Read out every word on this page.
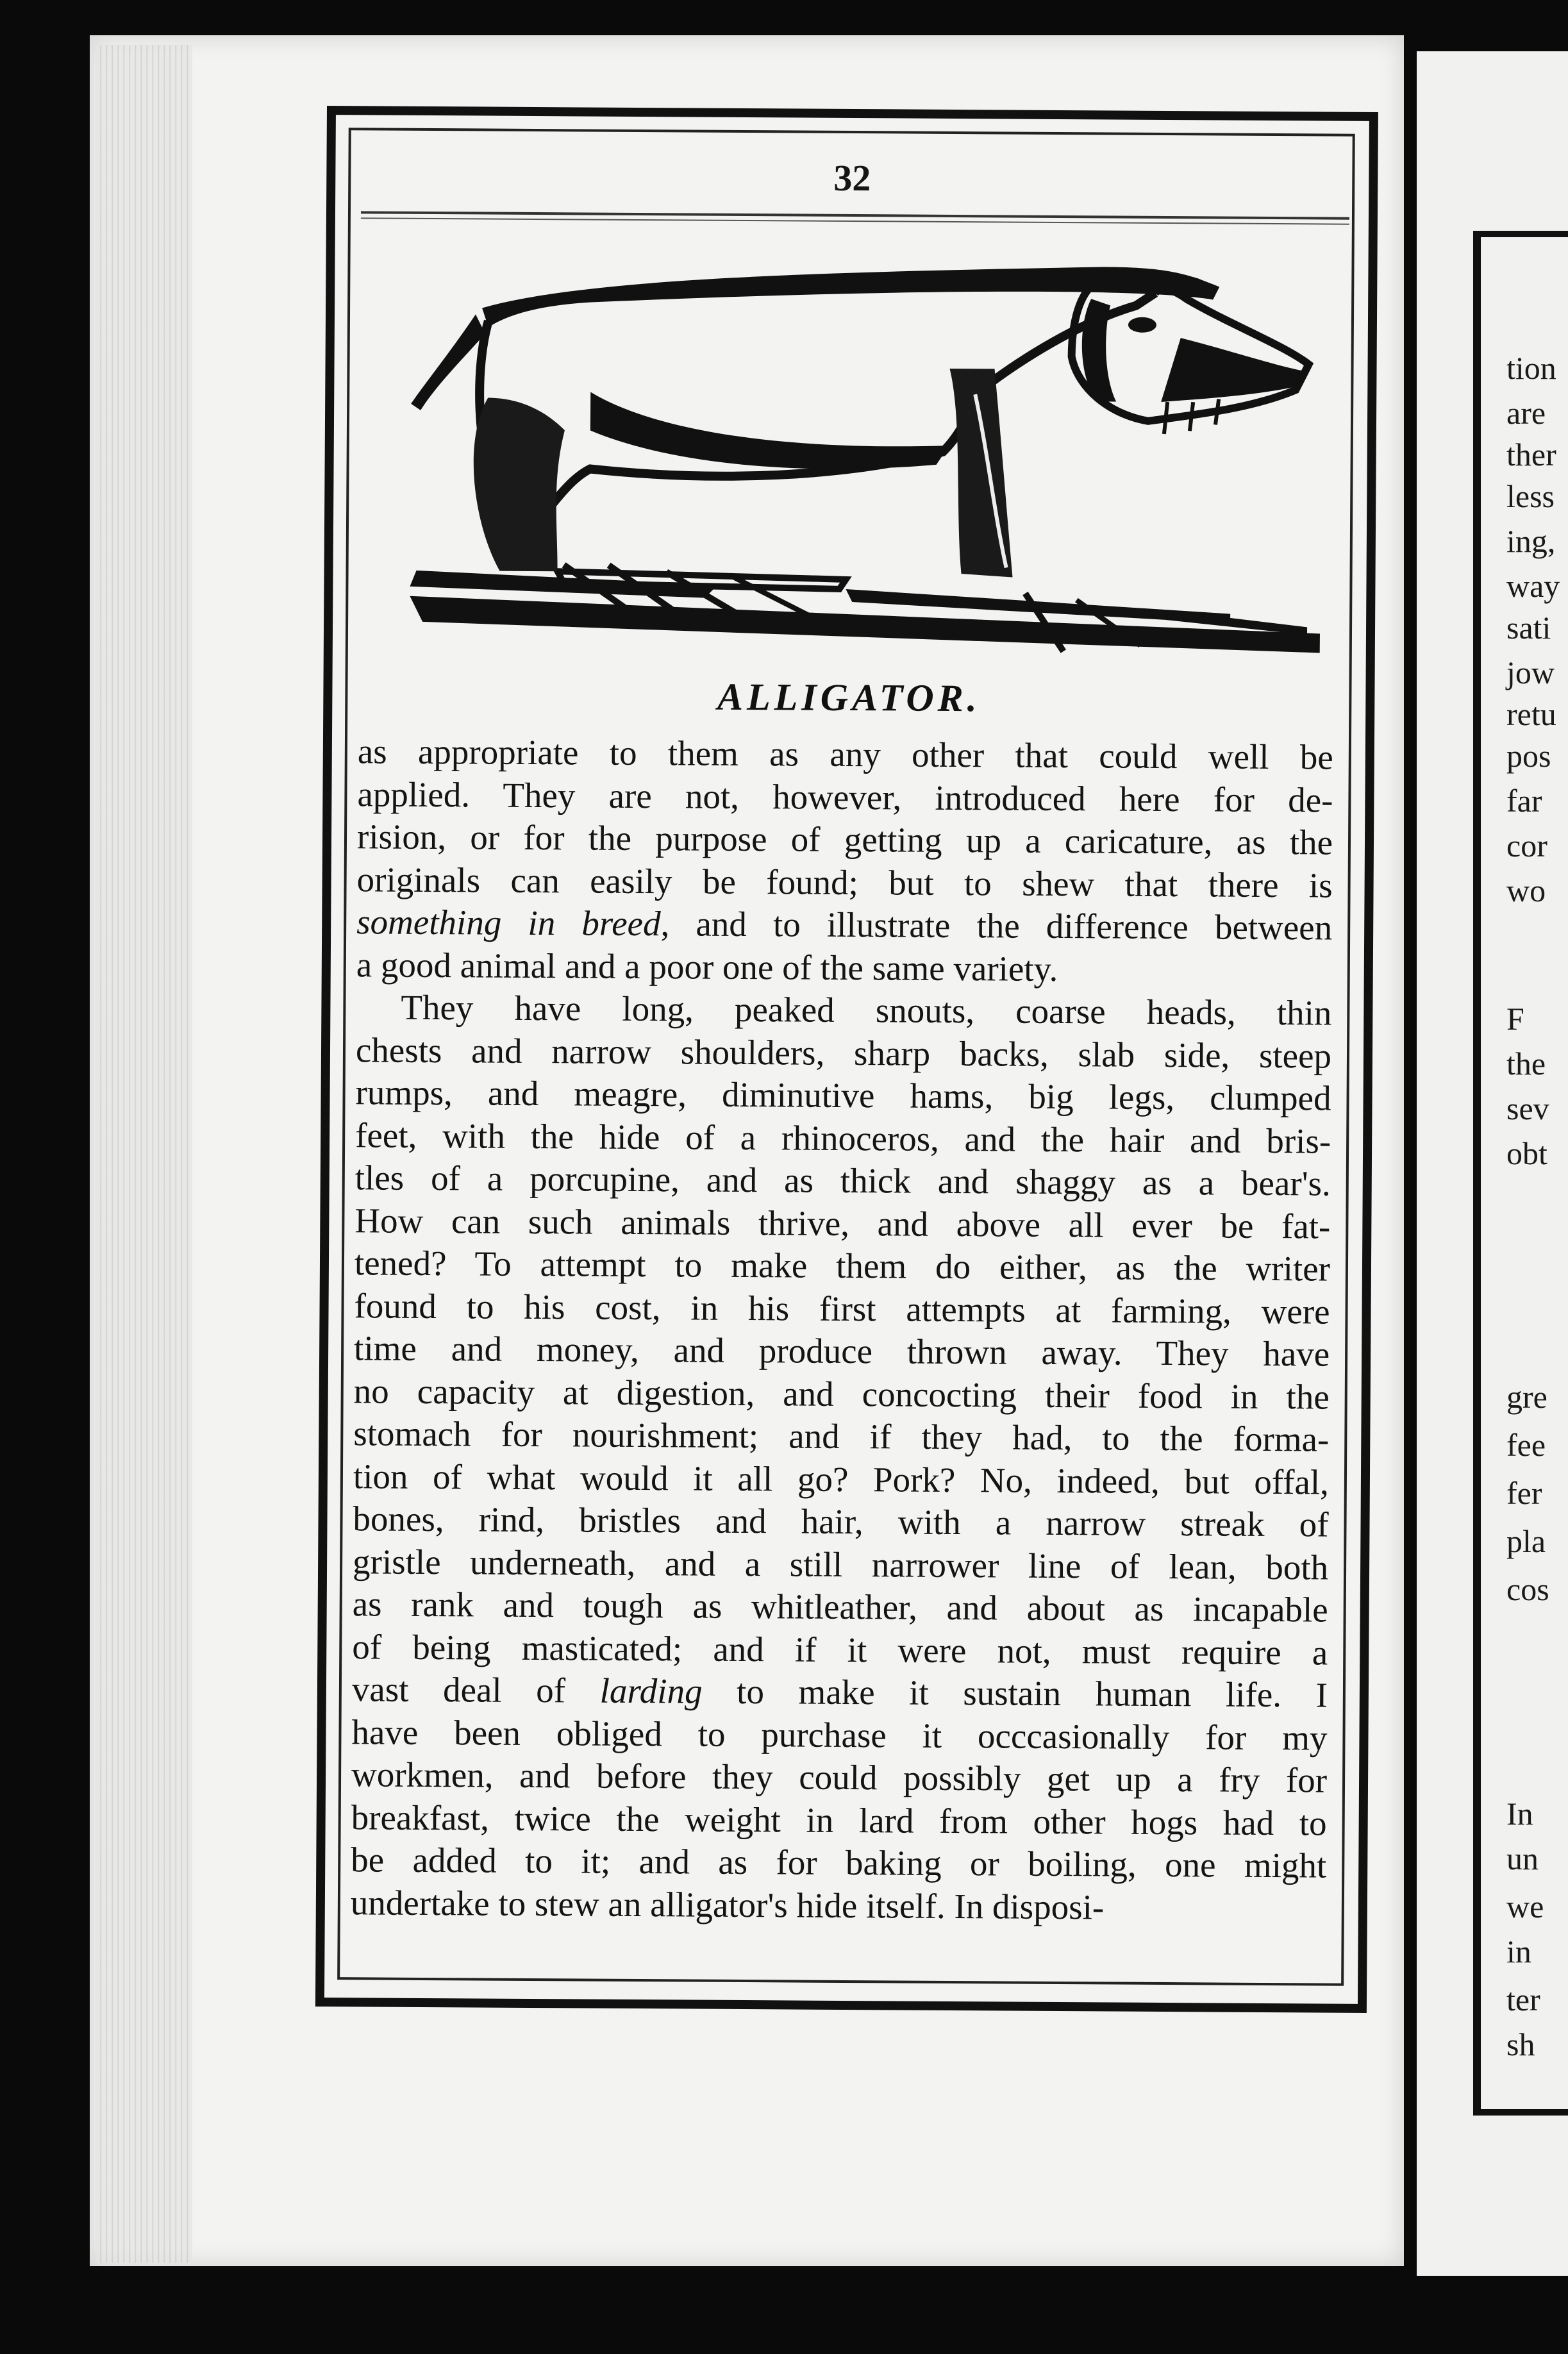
tion
are
ther
less
ing,
way
sati
jow
retu
pos
far
cor
wo
F
the
sev
obt
gre
fee
fer
pla
cos
In
un
we
in
ter
sh
32
ALLIGATOR.
as appropriate to them as any other that could well be
applied. They are not, however, introduced here for de-
rision, or for the purpose of getting up a caricature, as the
originals can easily be found; but to shew that there is
something in breed, and to illustrate the difference between
a good animal and a poor one of the same variety.
They have long, peaked snouts, coarse heads, thin
chests and narrow shoulders, sharp backs, slab side, steep
rumps, and meagre, diminutive hams, big legs, clumped
feet, with the hide of a rhinoceros, and the hair and bris-
tles of a porcupine, and as thick and shaggy as a bear's.
How can such animals thrive, and above all ever be fat-
tened? To attempt to make them do either, as the writer
found to his cost, in his first attempts at farming, were
time and money, and produce thrown away. They have
no capacity at digestion, and concocting their food in the
stomach for nourishment; and if they had, to the forma-
tion of what would it all go? Pork? No, indeed, but offal,
bones, rind, bristles and hair, with a narrow streak of
gristle underneath, and a still narrower line of lean, both
as rank and tough as whitleather, and about as incapable
of being masticated; and if it were not, must require a
vast deal of larding to make it sustain human life. I
have been obliged to purchase it occcasionally for my
workmen, and before they could possibly get up a fry for
breakfast, twice the weight in lard from other hogs had to
be added to it; and as for baking or boiling, one might
undertake to stew an alligator's hide itself. In disposi-
